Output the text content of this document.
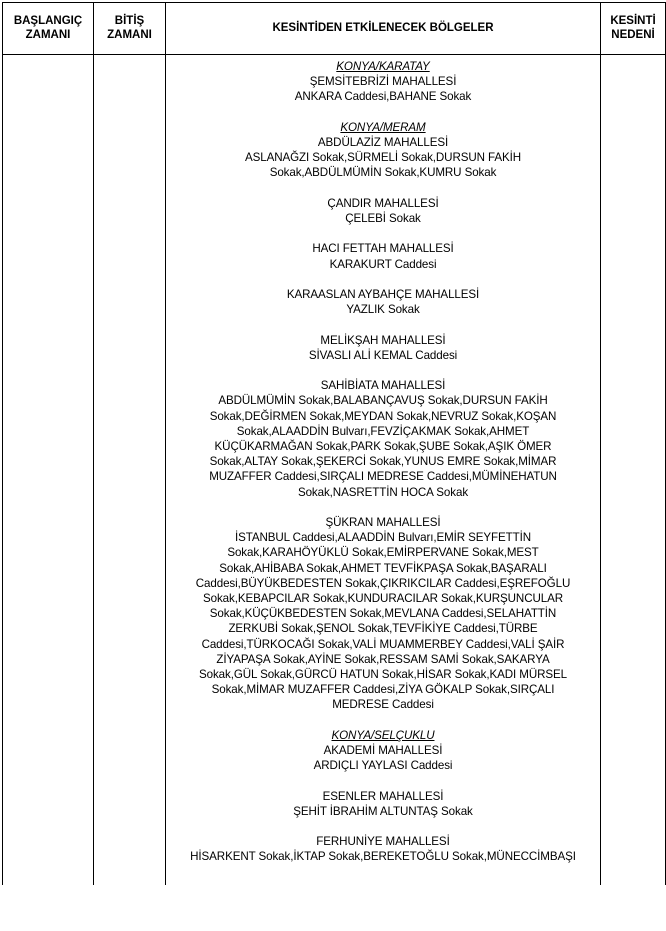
BAŞLANGIÇ
ZAMANI
BİTİŞ
ZAMANI
KESİNTİDEN ETKİLENECEK BÖLGELER
KESİNTİ
NEDENİ
KONYA/KARATAY
ŞEMSİTEBRİZİ MAHALLESİ
ANKARA Caddesi,BAHANE Sokak
KONYA/MERAM
ABDÜLAZİZ MAHALLESİ
ASLANAĞZI Sokak,SÜRMELİ Sokak,DURSUN FAKİH
Sokak,ABDÜLMÜMİN Sokak,KUMRU Sokak
ÇANDIR MAHALLESİ
ÇELEBİ Sokak
HACI FETTAH MAHALLESİ
KARAKURT Caddesi
KARAASLAN AYBAHÇE MAHALLESİ
YAZLIK Sokak
MELİKŞAH MAHALLESİ
SİVASLI ALİ KEMAL Caddesi
SAHİBİATA MAHALLESİ
ABDÜLMÜMİN Sokak,BALABANÇAVUŞ Sokak,DURSUN FAKİH
Sokak,DEĞİRMEN Sokak,MEYDAN Sokak,NEVRUZ Sokak,KOŞAN
Sokak,ALAADDİN Bulvarı,FEVZİÇAKMAK Sokak,AHMET
KÜÇÜKARMAĞAN Sokak,PARK Sokak,ŞUBE Sokak,AŞIK ÖMER
Sokak,ALTAY Sokak,ŞEKERCİ Sokak,YUNUS EMRE Sokak,MİMAR
MUZAFFER Caddesi,SIRÇALI MEDRESE Caddesi,MÜMİNEHATUN
Sokak,NASRETTİN HOCA Sokak
ŞÜKRAN MAHALLESİ
İSTANBUL Caddesi,ALAADDİN Bulvarı,EMİR SEYFETTİN
Sokak,KARAHÖYÜKLÜ Sokak,EMİRPERVANE Sokak,MEST
Sokak,AHİBABA Sokak,AHMET TEVFİKPAŞA Sokak,BAŞARALI
Caddesi,BÜYÜKBEDESTEN Sokak,ÇIKRIKCILAR Caddesi,EŞREFOĞLU
Sokak,KEBAPCILAR Sokak,KUNDURACILAR Sokak,KURŞUNCULAR
Sokak,KÜÇÜKBEDESTEN Sokak,MEVLANA Caddesi,SELAHATTİN
ZERKUBİ Sokak,ŞENOL Sokak,TEVFİKİYE Caddesi,TÜRBE
Caddesi,TÜRKOCAĞI Sokak,VALİ MUAMMERBEY Caddesi,VALİ ŞAİR
ZİYAPAŞA Sokak,AYİNE Sokak,RESSAM SAMİ Sokak,SAKARYA
Sokak,GÜL Sokak,GÜRCÜ HATUN Sokak,HİSAR Sokak,KADI MÜRSEL
Sokak,MİMAR MUZAFFER Caddesi,ZİYA GÖKALP Sokak,SIRÇALI
MEDRESE Caddesi
KONYA/SELÇUKLU
AKADEMİ MAHALLESİ
ARDIÇLI YAYLASI Caddesi
ESENLER MAHALLESİ
ŞEHİT İBRAHİM ALTUNTAŞ Sokak
FERHUNİYE MAHALLESİ
HİSARKENT Sokak,İKTAP Sokak,BEREKETOĞLU Sokak,MÜNECCİMBAŞI
